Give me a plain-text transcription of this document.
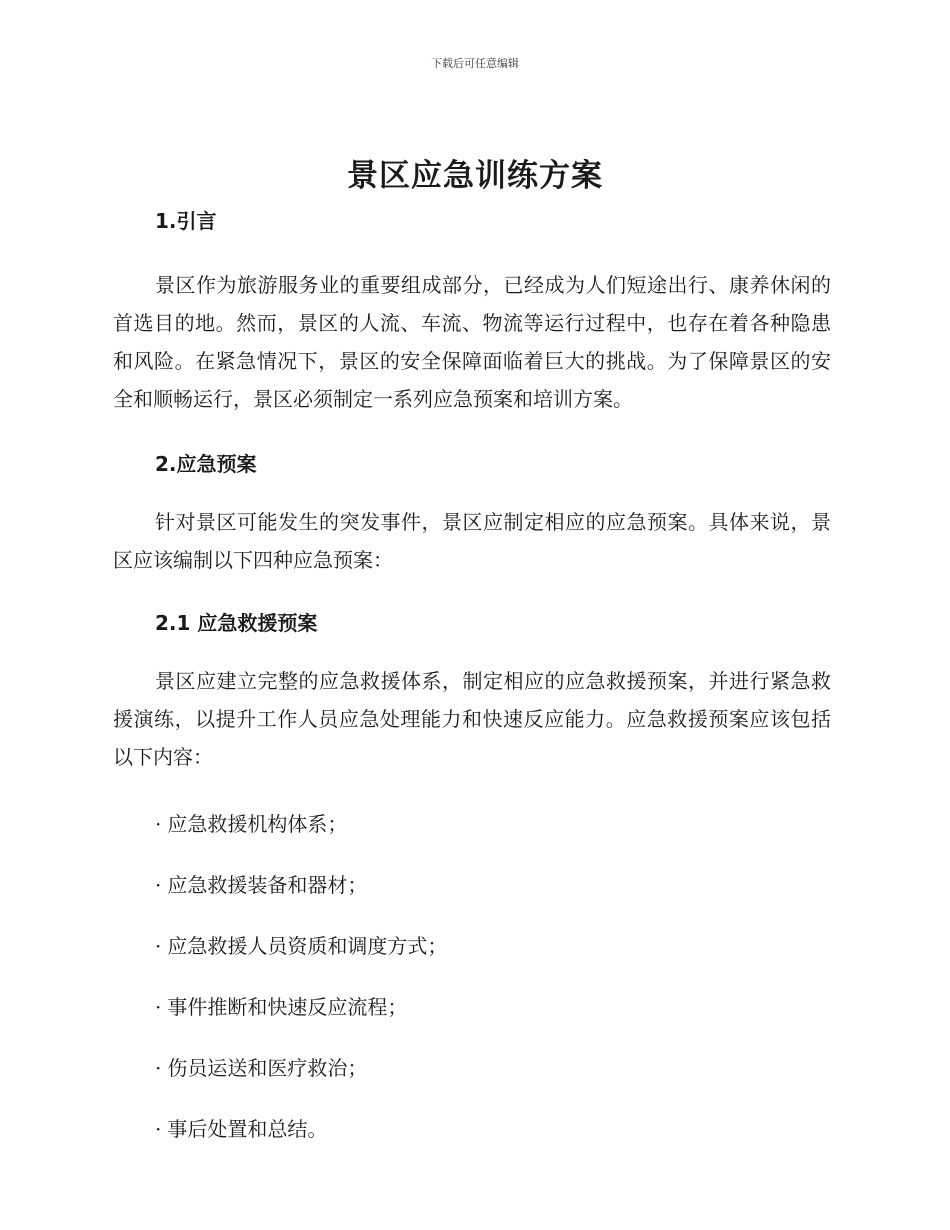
下载后可任意编辑
景区应急训练方案
1.引言
景区作为旅游服务业的重要组成部分，已经成为人们短途出行、康养休闲的首选目的地。然而，景区的人流、车流、物流等运行过程中，也存在着各种隐患和风险。在紧急情况下，景区的安全保障面临着巨大的挑战。为了保障景区的安全和顺畅运行，景区必须制定一系列应急预案和培训方案。
2.应急预案
针对景区可能发生的突发事件，景区应制定相应的应急预案。具体来说，景区应该编制以下四种应急预案：
2.1 应急救援预案
景区应建立完整的应急救援体系，制定相应的应急救援预案，并进行紧急救援演练，以提升工作人员应急处理能力和快速反应能力。应急救援预案应该包括以下内容：
· 应急救援机构体系；
· 应急救援装备和器材；
· 应急救援人员资质和调度方式；
· 事件推断和快速反应流程；
· 伤员运送和医疗救治；
· 事后处置和总结。
